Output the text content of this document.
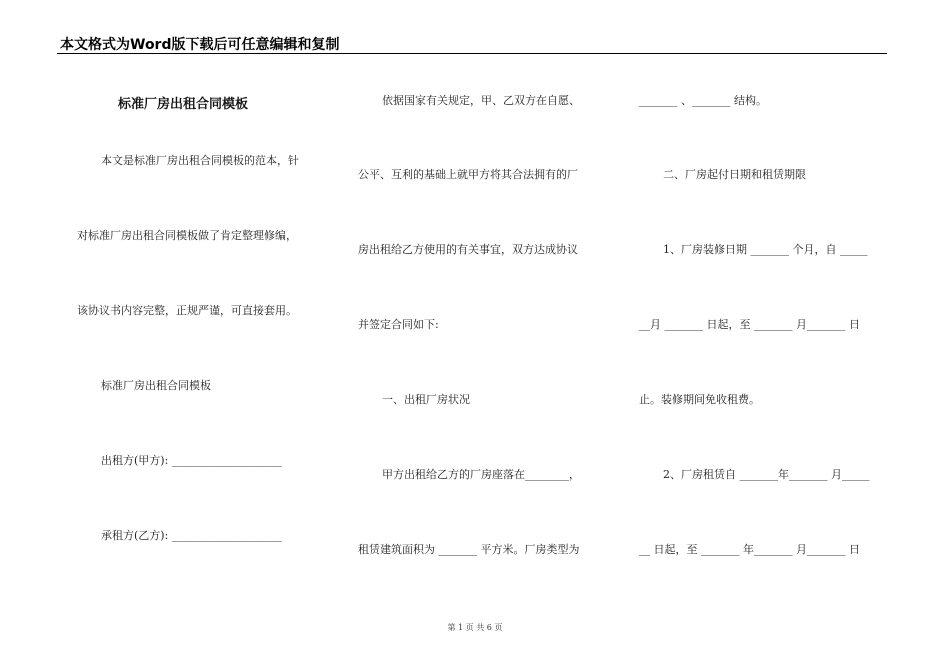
本文格式为Word版下载后可任意编辑和复制
标准厂房出租合同模板
本文是标准厂房出租合同模板的范本，针
对标准厂房出租合同模板做了肯定整理修编，
该协议书内容完整，正规严谨，可直接套用。
标准厂房出租合同模板
出租方(甲方): ____________________
承租方(乙方): ____________________
依据国家有关规定，甲、乙双方在自愿、
公平、互利的基础上就甲方将其合法拥有的厂
房出租给乙方使用的有关事宜，双方达成协议
并签定合同如下:
一、出租厂房状况
甲方出租给乙方的厂房座落在________，
租赁建筑面积为 _______ 平方米。厂房类型为
_______ 、_______ 结构。
二、厂房起付日期和租赁期限
1、厂房装修日期 _______ 个月，自 _____
__月 _______ 日起，至 _______ 月_______ 日
止。装修期间免收租费。
2、厂房租赁自 _______年_______ 月_____
__ 日起，至 _______ 年_______ 月_______ 日
第 1 页 共 6 页
